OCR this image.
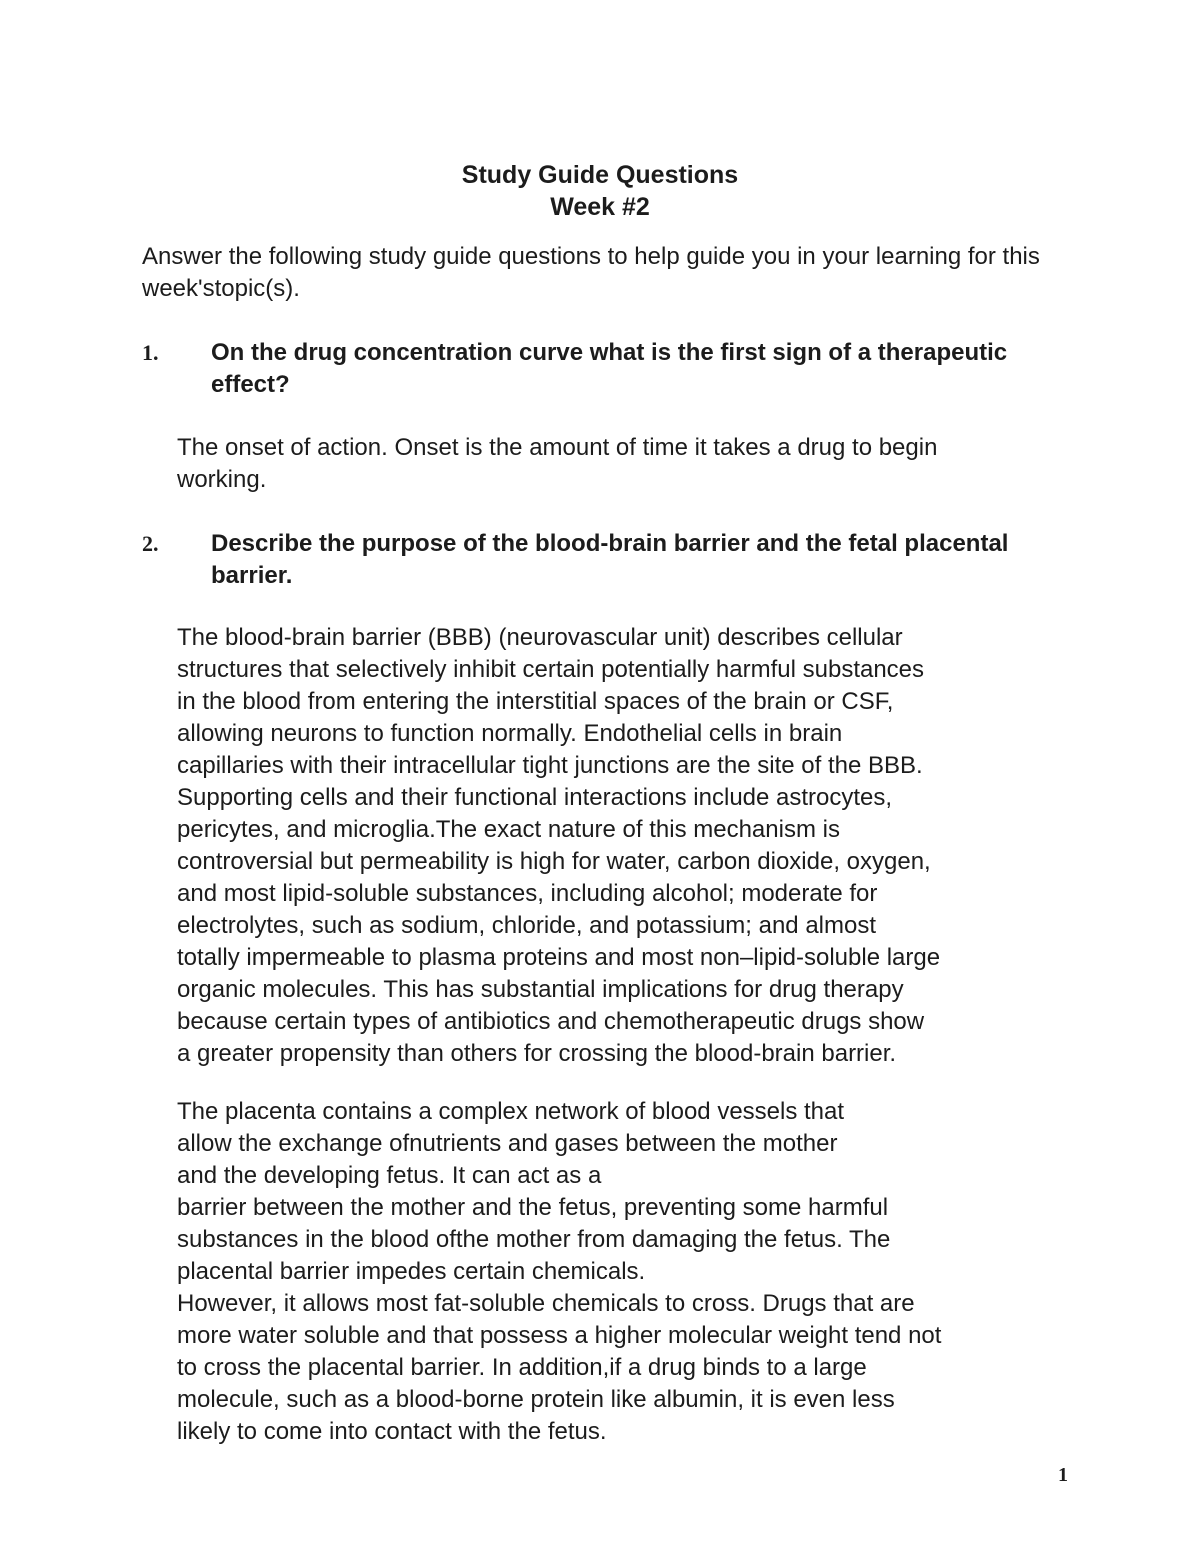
Study Guide Questions
Week #2
Answer the following study guide questions to help guide you in your learning for this week'stopic(s).
1. On the drug concentration curve what is the first sign of a therapeutic effect?
The onset of action. Onset is the amount of time it takes a drug to begin
working.
2. Describe the purpose of the blood-brain barrier and the fetal placental barrier.
The blood-brain barrier (BBB) (neurovascular unit) describes cellular
structures that selectively inhibit certain potentially harmful substances
in the blood from entering the interstitial spaces of the brain or CSF,
allowing neurons to function normally. Endothelial cells in brain
capillaries with their intracellular tight junctions are the site of the BBB.
Supporting cells and their functional interactions include astrocytes,
pericytes, and microglia.The exact nature of this mechanism is
controversial but permeability is high for water, carbon dioxide, oxygen,
and most lipid-soluble substances, including alcohol; moderate for
electrolytes, such as sodium, chloride, and potassium; and almost
totally impermeable to plasma proteins and most non–lipid-soluble large
organic molecules. This has substantial implications for drug therapy
because certain types of antibiotics and chemotherapeutic drugs show
a greater propensity than others for crossing the blood-brain barrier.
The placenta contains a complex network of blood vessels that
allow the exchange ofnutrients and gases between the mother
and the developing fetus. It can act as a
barrier between the mother and the fetus, preventing some harmful
substances in the blood ofthe mother from damaging the fetus. The
placental barrier impedes certain chemicals.
However, it allows most fat-soluble chemicals to cross. Drugs that are
more water soluble and that possess a higher molecular weight tend not
to cross the placental barrier. In addition,if a drug binds to a large
molecule, such as a blood-borne protein like albumin, it is even less
likely to come into contact with the fetus.
1
